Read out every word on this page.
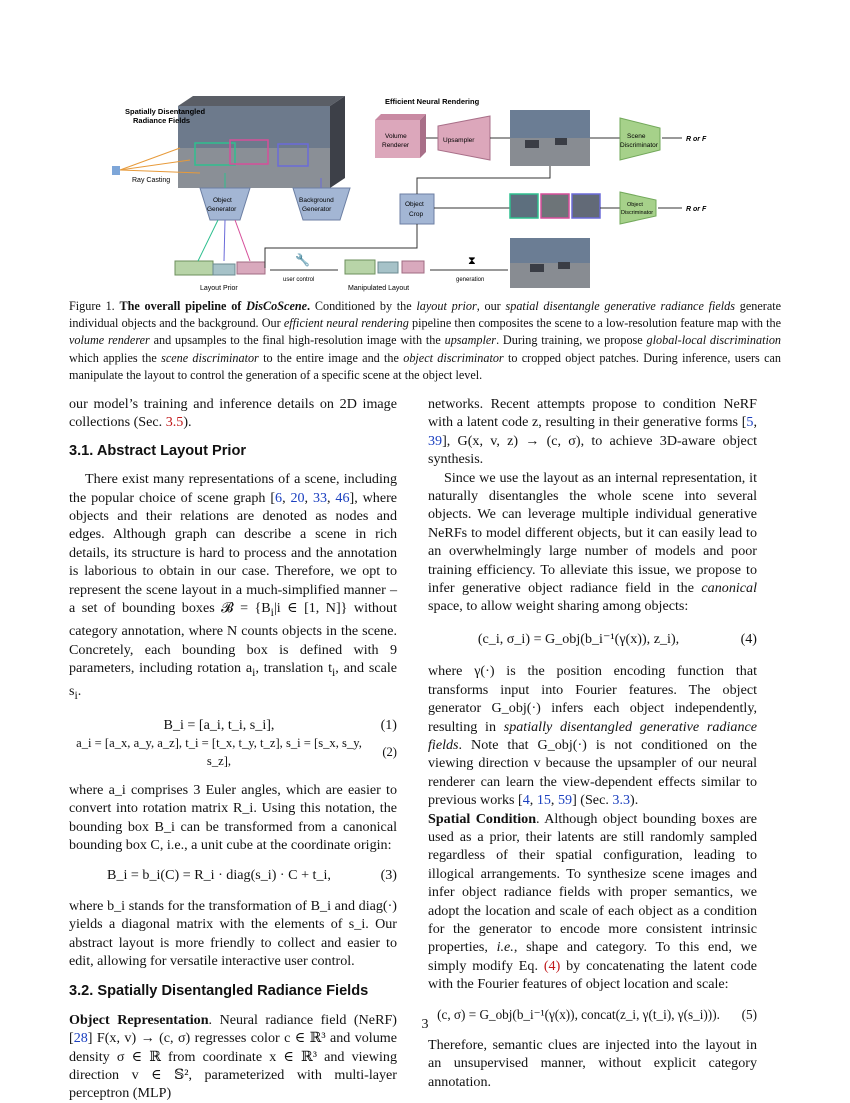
Spatially Disentangled
Radiance Fields
Ray Casting
Efficient Neural Rendering
Volume
Renderer
Upsampler
Scene
Discriminator
R or F
Object
Generator
Background
Generator
Object
Crop
Object
Discriminator	R or F
Layout Prior
🔧
user control
Manipulated Layout
⧗
generation
Figure 1. The overall pipeline of DisCoScene. Conditioned by the layout prior, our spatial disentangle generative radiance fields generate individual objects and the background. Our efficient neural rendering pipeline then composites the scene to a low-resolution feature map with the volume renderer and upsamples to the final high-resolution image with the upsampler. During training, we propose global-local discrimination which applies the scene discriminator to the entire image and the object discriminator to cropped object patches. During inference, users can manipulate the layout to control the generation of a specific scene at the object level.

our model’s training and inference details on 2D image collections (Sec. 3.5).

3.1. Abstract Layout Prior

There exist many representations of a scene, including the popular choice of scene graph [6, 20, 33, 46], where objects and their relations are denoted as nodes and edges. Although graph can describe a scene in rich details, its structure is hard to process and the annotation is laborious to obtain in our case. Therefore, we opt to represent the scene layout in a much-simplified manner – a set of bounding boxes 𝓑 = {$B_i|i$ ∈ [1, N]} without category annotation, where N counts objects in the scene. Concretely, each bounding box is defined with 9 parameters, including rotation $a_i$, translation $t_i$, and scale $s_i$.

B_i = [a_i, t_i, s_i],	(1)
a_i = [a_x, a_y, a_z], t_i = [t_x, t_y, t_z], s_i = [s_x, s_y, s_z],
(2)

where a_i comprises 3 Euler angles, which are easier to convert into rotation matrix R_i. Using this notation, the bounding box B_i can be transformed from a canonical bounding box C, i.e., a unit cube at the coordinate origin:

B_i = b_i(C) = R_i · diag(s_i) · C + t_i,	(3)

where b_i stands for the transformation of B_i and diag(·) yields a diagonal matrix with the elements of s_i. Our abstract layout is more friendly to collect and easier to edit, allowing for versatile interactive user control.

3.2. Spatially Disentangled Radiance Fields

Object Representation. Neural radiance field (NeRF) [28] F(x, v) → (c, σ) regresses color c ∈ ℝ³ and volume density σ ∈ ℝ from coordinate x ∈ ℝ³ and viewing direction v ∈ 𝕊², parameterized with multi-layer perceptron (MLP)

networks. Recent attempts propose to condition NeRF with a latent code z, resulting in their generative forms [5, 39], G(x, v, z) → (c, σ), to achieve 3D-aware object synthesis.

Since we use the layout as an internal representation, it naturally disentangles the whole scene into several objects. We can leverage multiple individual generative NeRFs to model different objects, but it can easily lead to an overwhelmingly large number of models and poor training efficiency. To alleviate this issue, we propose to infer generative object radiance field in the canonical space, to allow weight sharing among objects:

(c_i, σ_i) = G_obj(b_i⁻¹(γ(x)), z_i),	(4)

where γ(·) is the position encoding function that transforms input into Fourier features. The object generator G_obj(·) infers each object independently, resulting in spatially disentangled generative radiance fields. Note that G_obj(·) is not conditioned on the viewing direction v because the upsampler of our neural renderer can learn the view-dependent effects similar to previous works [4, 15, 59] (Sec. 3.3).

Spatial Condition. Although object bounding boxes are used as a prior, their latents are still randomly sampled regardless of their spatial configuration, leading to illogical arrangements. To synthesize scene images and infer object radiance fields with proper semantics, we adopt the location and scale of each object as a condition for the generator to encode more consistent intrinsic properties, i.e., shape and category. To this end, we simply modify Eq. (4) by concatenating the latent code with the Fourier features of object location and scale:

(c, σ) = G_obj(b_i⁻¹(γ(x)), concat(z_i, γ(t_i), γ(s_i))).	(5)

Therefore, semantic clues are injected into the layout in an unsupervised manner, without explicit category annotation.

3
